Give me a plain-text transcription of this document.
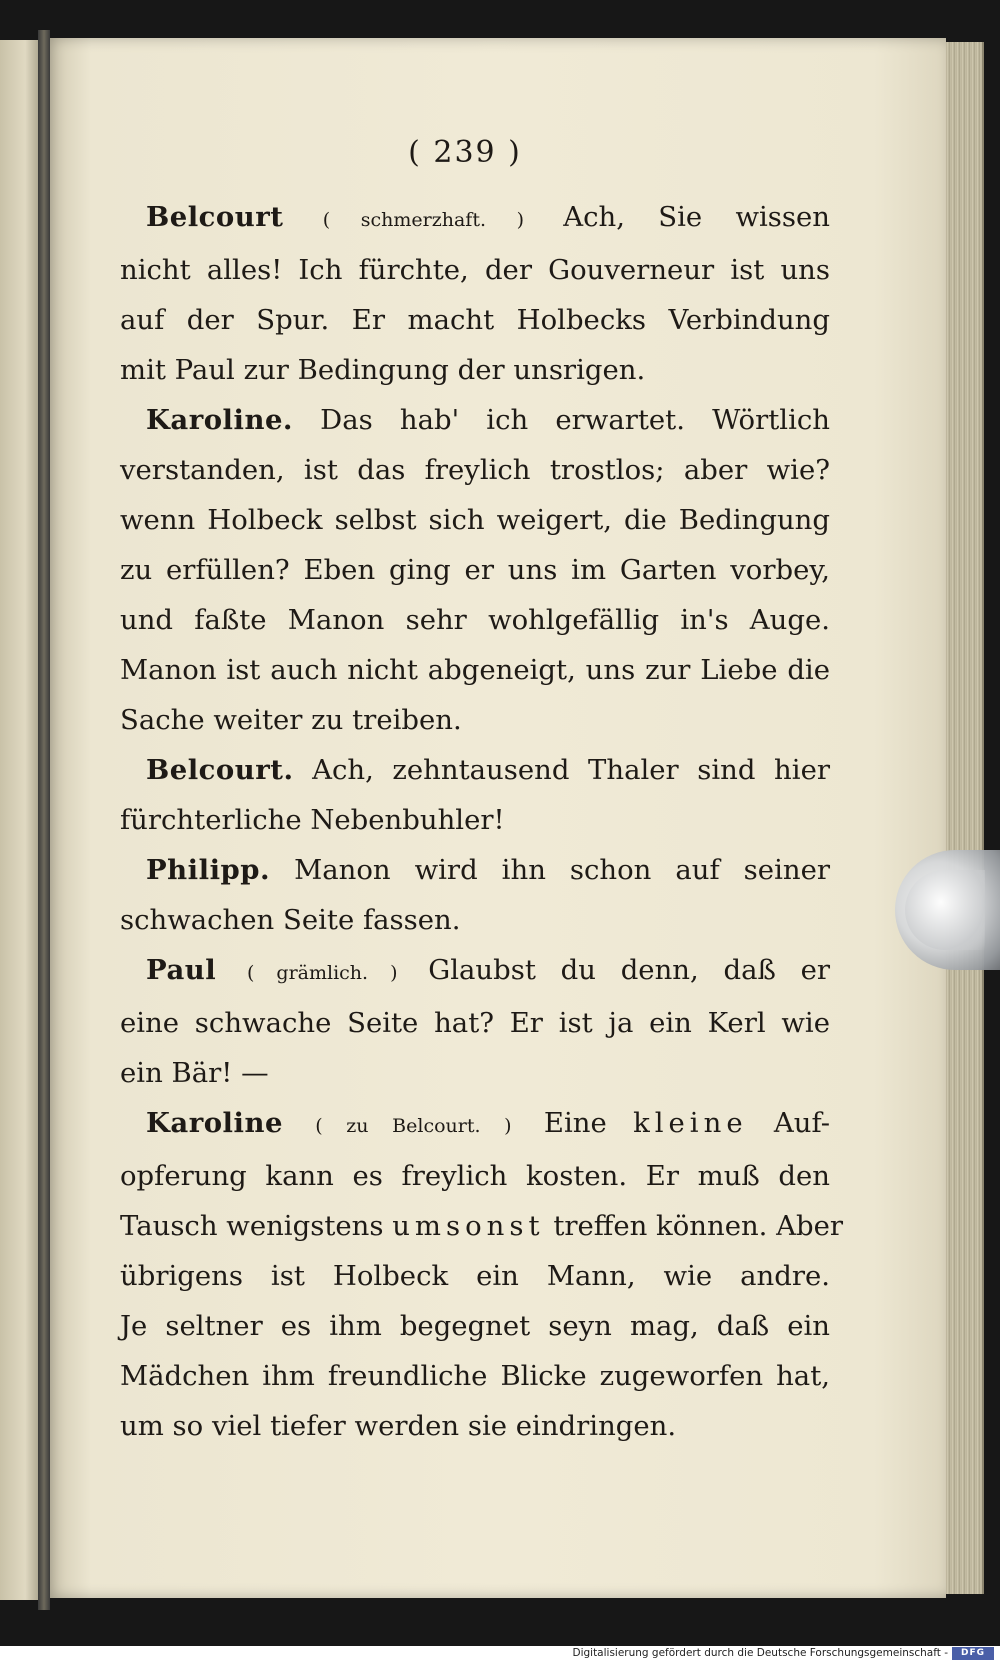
( 239 )
Belcourt ( schmerzhaft. ) Ach, Sie wissen
nicht alles! Ich fürchte, der Gouverneur ist uns
auf der Spur. Er macht Holbecks Verbindung
mit Paul zur Bedingung der unsrigen.
Karoline. Das hab' ich erwartet. Wörtlich
verstanden, ist das freylich trostlos; aber wie?
wenn Holbeck selbst sich weigert, die Bedingung
zu erfüllen? Eben ging er uns im Garten vorbey,
und faßte Manon sehr wohlgefällig in's Auge.
Manon ist auch nicht abgeneigt, uns zur Liebe die
Sache weiter zu treiben.
Belcourt. Ach, zehntausend Thaler sind hier
fürchterliche Nebenbuhler!
Philipp. Manon wird ihn schon auf seiner
schwachen Seite fassen.
Paul ( grämlich. ) Glaubst du denn, daß er
eine schwache Seite hat? Er ist ja ein Kerl wie
ein Bär! —
Karoline ( zu Belcourt. ) Eine kleine Auf-
opferung kann es freylich kosten. Er muß den
Tausch wenigstens umsonst treffen können. Aber
übrigens ist Holbeck ein Mann, wie andre.
Je seltner es ihm begegnet seyn mag, daß ein
Mädchen ihm freundliche Blicke zugeworfen hat,
um so viel tiefer werden sie eindringen.
Digitalisierung gefördert durch die Deutsche Forschungsgemeinschaft -	DFG
